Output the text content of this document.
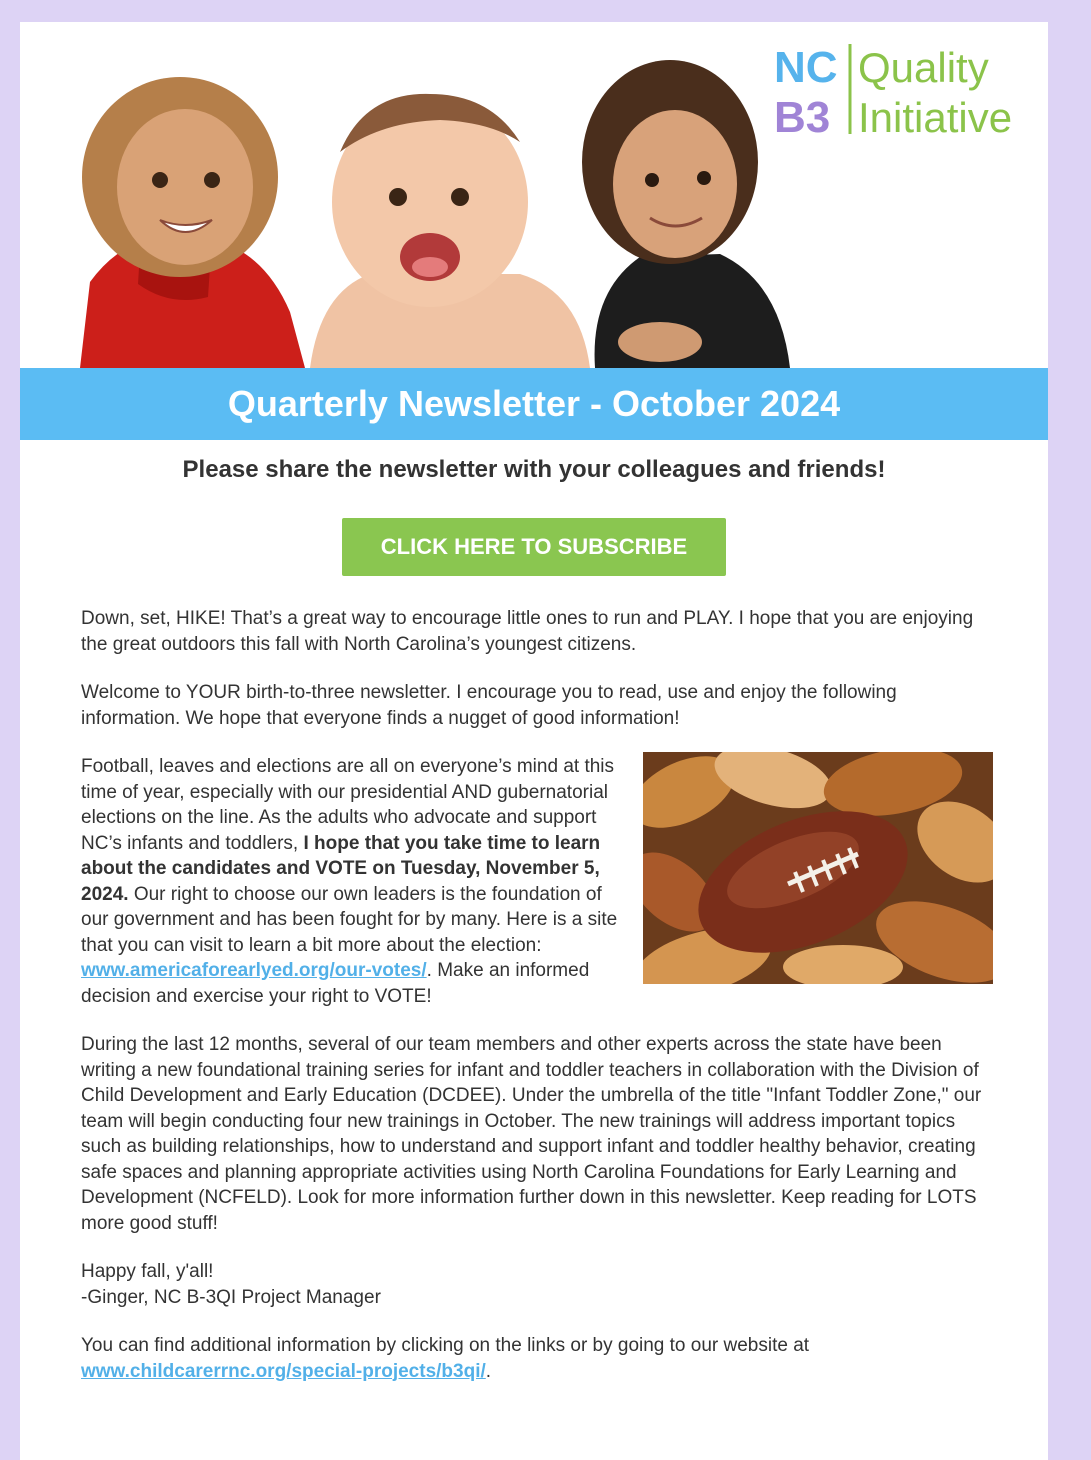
NC
B3
Quality
Initiative
Quarterly Newsletter - October 2024
Please share the newsletter with your colleagues and friends!
CLICK HERE TO SUBSCRIBE

Down, set, HIKE! That’s a great way to encourage little ones to run and PLAY. I hope that you are enjoying the great outdoors this fall with North Carolina’s youngest citizens.

Welcome to YOUR birth-to-three newsletter. I encourage you to read, use and enjoy the following information. We hope that everyone finds a nugget of good information!

Football, leaves and elections are all on everyone’s mind at this time of year, especially with our presidential AND gubernatorial elections on the line. As the adults who advocate and support NC’s infants and toddlers, I hope that you take time to learn about the candidates and VOTE on Tuesday, November 5, 2024. Our right to choose our own leaders is the foundation of our government and has been fought for by many. Here is a site that you can visit to learn a bit more about the election: www.americaforearlyed.org/our-votes/. Make an informed decision and exercise your right to VOTE!

During the last 12 months, several of our team members and other experts across the state have been writing a new foundational training series for infant and toddler teachers in collaboration with the Division of Child Development and Early Education (DCDEE). Under the umbrella of the title "Infant Toddler Zone," our team will begin conducting four new trainings in October. The new trainings will address important topics such as building relationships, how to understand and support infant and toddler healthy behavior, creating safe spaces and planning appropriate activities using North Carolina Foundations for Early Learning and Development (NCFELD). Look for more information further down in this newsletter. Keep reading for LOTS more good stuff!

Happy fall, y'all!

-Ginger, NC B-3QI Project Manager

You can find additional information by clicking on the links or by going to our website at www.childcarerrnc.org/special-projects/b3qi/.
